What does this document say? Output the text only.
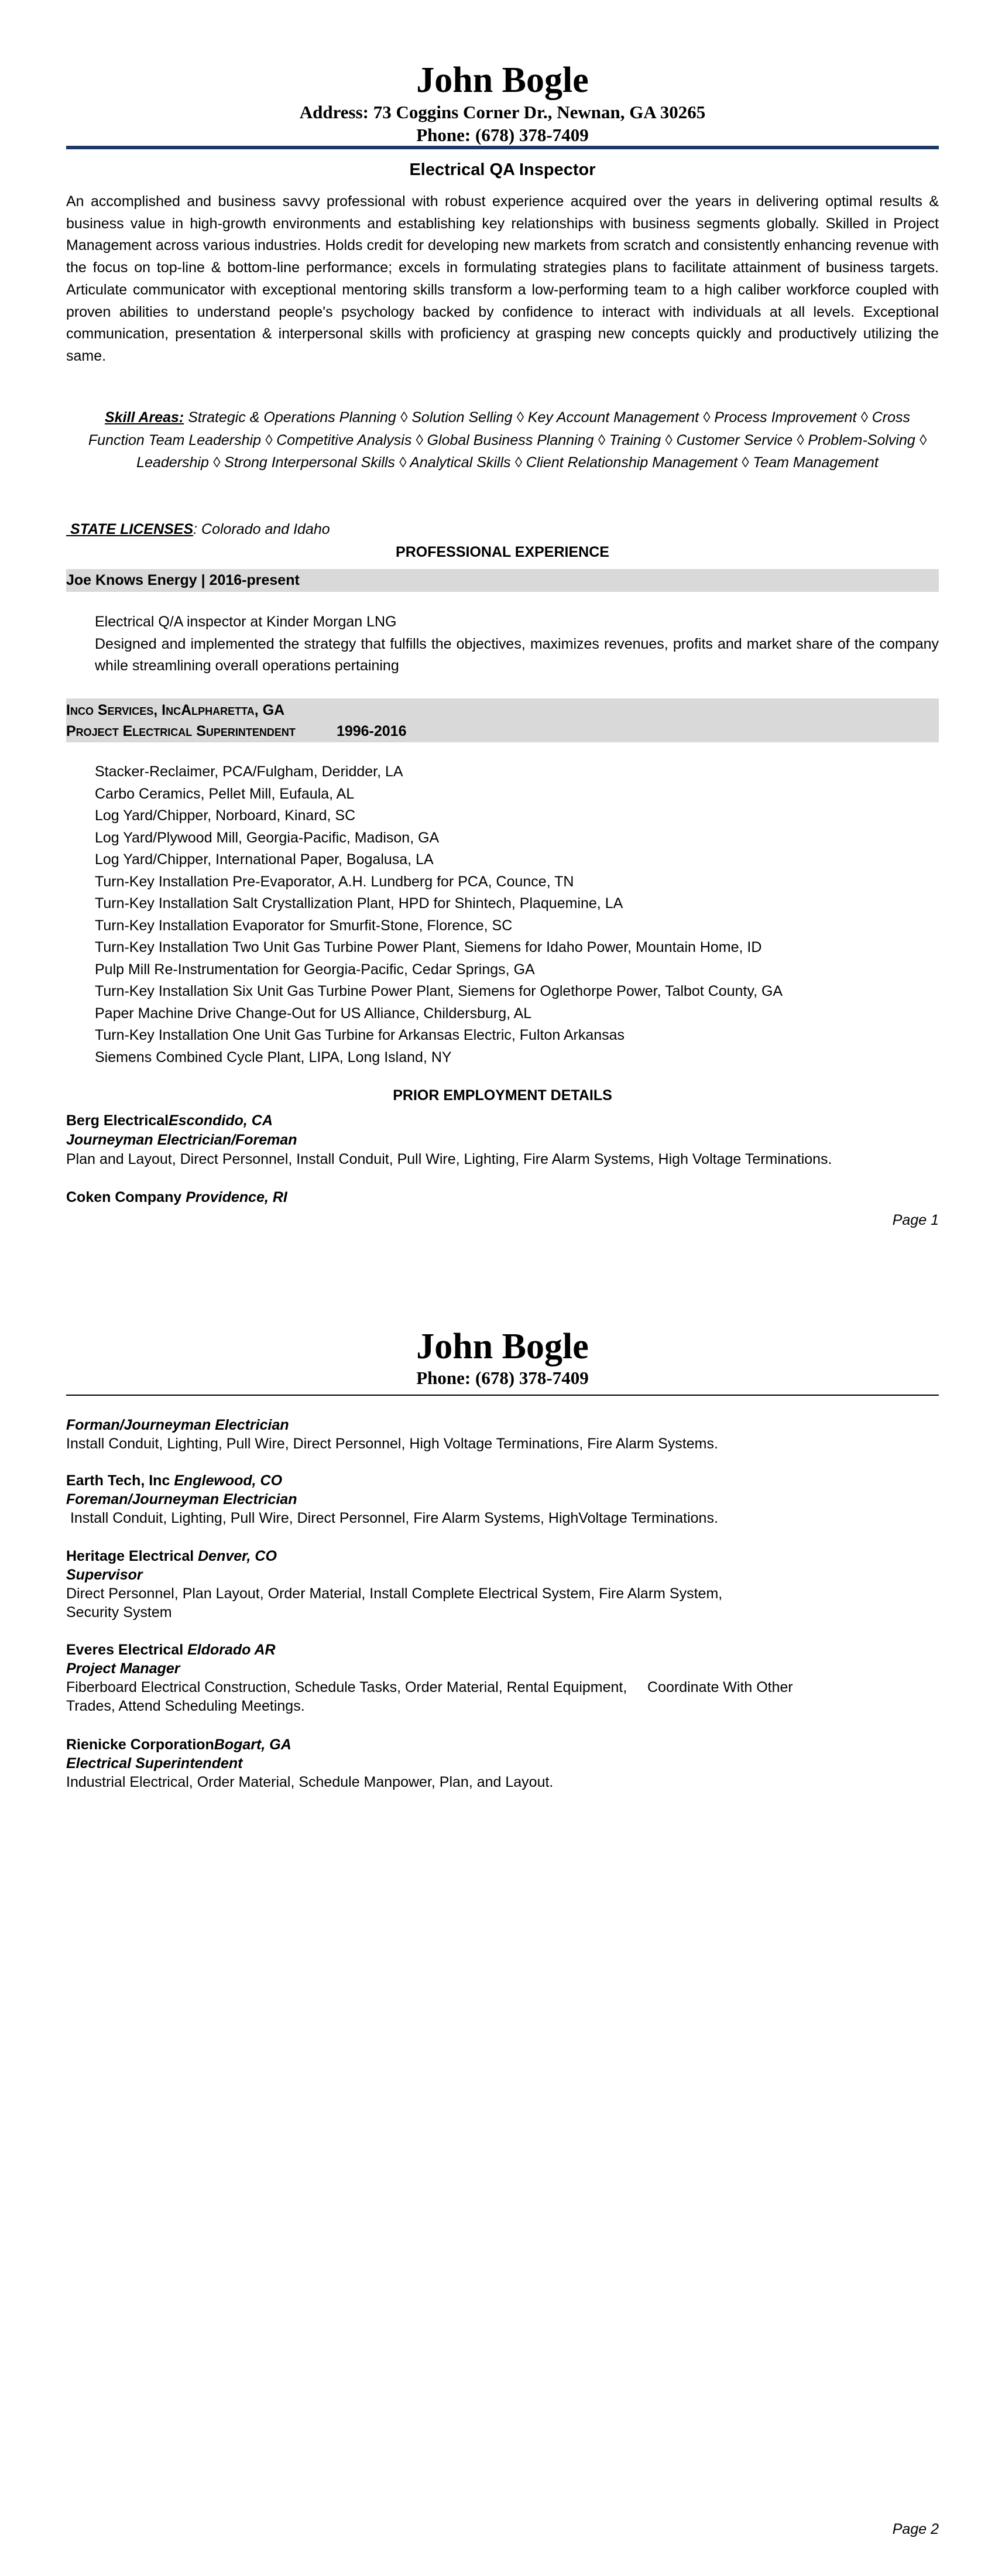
John Bogle
Address: 73 Coggins Corner Dr., Newnan, GA 30265
Phone: (678) 378-7409
Electrical QA Inspector
An accomplished and business savvy professional with robust experience acquired over the years in delivering optimal results & business value in high-growth environments and establishing key relationships with business segments globally. Skilled in Project Management across various industries. Holds credit for developing new markets from scratch and consistently enhancing revenue with the focus on top-line & bottom-line performance; excels in formulating strategies plans to facilitate attainment of business targets. Articulate communicator with exceptional mentoring skills transform a low-performing team to a high caliber workforce coupled with proven abilities to understand people's psychology backed by confidence to interact with individuals at all levels. Exceptional communication, presentation & interpersonal skills with proficiency at grasping new concepts quickly and productively utilizing the same.
Skill Areas: Strategic & Operations Planning ◊ Solution Selling ◊ Key Account Management ◊ Process Improvement ◊ Cross Function Team Leadership ◊ Competitive Analysis ◊ Global Business Planning ◊ Training ◊ Customer Service ◊ Problem-Solving ◊ Leadership ◊ Strong Interpersonal Skills ◊ Analytical Skills ◊ Client Relationship Management ◊ Team Management
STATE LICENSES: Colorado and Idaho
PROFESSIONAL EXPERIENCE
Joe Knows Energy | 2016-present
Electrical Q/A inspector at Kinder Morgan LNG
Designed and implemented the strategy that fulfills the objectives, maximizes revenues, profits and market share of the company while streamlining overall operations pertaining
Inco Services, IncAlpharetta, GA
Project Electrical Superintendent	1996-2016
Stacker-Reclaimer, PCA/Fulgham, Deridder, LA
Carbo Ceramics, Pellet Mill, Eufaula, AL
Log Yard/Chipper, Norboard, Kinard, SC
Log Yard/Plywood Mill, Georgia-Pacific, Madison, GA
Log Yard/Chipper, International Paper, Bogalusa, LA
Turn-Key Installation Pre-Evaporator, A.H. Lundberg for PCA, Counce, TN
Turn-Key Installation Salt Crystallization Plant, HPD for Shintech, Plaquemine, LA
Turn-Key Installation Evaporator for Smurfit-Stone, Florence, SC
Turn-Key Installation Two Unit Gas Turbine Power Plant, Siemens for Idaho Power, Mountain Home, ID
Pulp Mill Re-Instrumentation for Georgia-Pacific, Cedar Springs, GA
Turn-Key Installation Six Unit Gas Turbine Power Plant, Siemens for Oglethorpe Power, Talbot County, GA
Paper Machine Drive Change-Out for US Alliance, Childersburg, AL
Turn-Key Installation One Unit Gas Turbine for Arkansas Electric, Fulton Arkansas
Siemens Combined Cycle Plant, LIPA, Long Island, NY
PRIOR EMPLOYMENT DETAILS
Berg ElectricalEscondido, CA
Journeyman Electrician/Foreman
Plan and Layout, Direct Personnel, Install Conduit, Pull Wire, Lighting, Fire Alarm Systems, High Voltage Terminations.
Coken Company Providence, RI
Page 1
John Bogle
Phone: (678) 378-7409
Forman/Journeyman Electrician
Install Conduit, Lighting, Pull Wire, Direct Personnel, High Voltage Terminations, Fire Alarm Systems.
Earth Tech, Inc Englewood, CO
Foreman/Journeyman Electrician
Install Conduit, Lighting, Pull Wire, Direct Personnel, Fire Alarm Systems, HighVoltage Terminations.
Heritage Electrical Denver, CO
Supervisor
Direct Personnel, Plan Layout, Order Material, Install Complete Electrical System, Fire Alarm System,
Security System
Everes Electrical Eldorado AR
Project Manager
Fiberboard Electrical Construction, Schedule Tasks, Order Material, Rental Equipment,     Coordinate With Other
Trades, Attend Scheduling Meetings.
Rienicke CorporationBogart, GA
Electrical Superintendent
Industrial Electrical, Order Material, Schedule Manpower, Plan, and Layout.
Page 2
